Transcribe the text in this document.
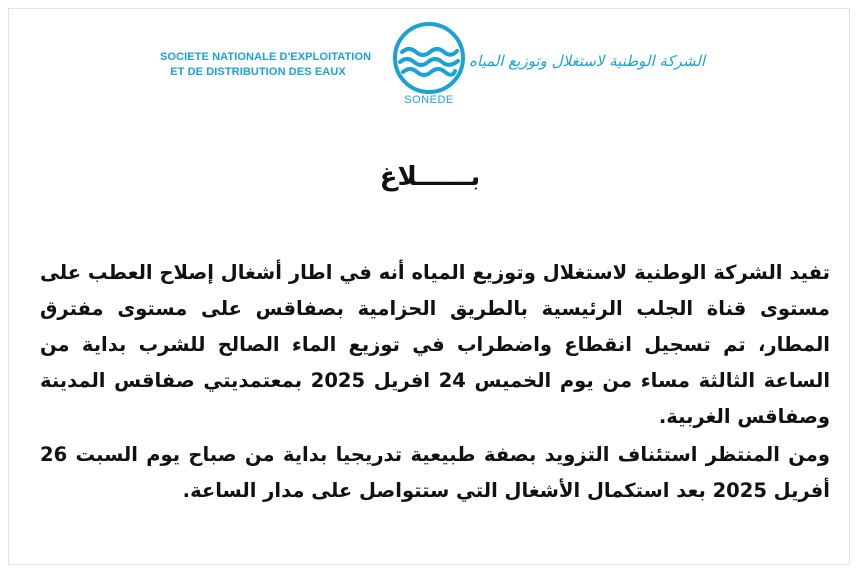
SOCIETE NATIONALE D'EXPLOITATION
ET DE DISTRIBUTION DES EAUX
SONEDE
الشركة الوطنية لاستغلال وتوزيع المياه
بــــــلاغ

تفيد الشركة الوطنية لاستغلال وتوزيع المياه أنه في اطار أشغال إصلاح العطب على مستوى قناة الجلب الرئيسية بالطريق الحزامية بصفاقس على مستوى مفترق المطار، تم تسجيل انقطاع واضطراب في توزيع الماء الصالح للشرب بداية من الساعة الثالثة مساء من يوم الخميس 24 افريل 2025 بمعتمديتي صفاقس المدينة وصفاقس الغربية.

ومن المنتظر استئناف التزويد بصفة طبيعية تدريجيا بداية من صباح يوم السبت 26 أفريل 2025 بعد استكمال الأشغال التي ستتواصل على مدار الساعة.
